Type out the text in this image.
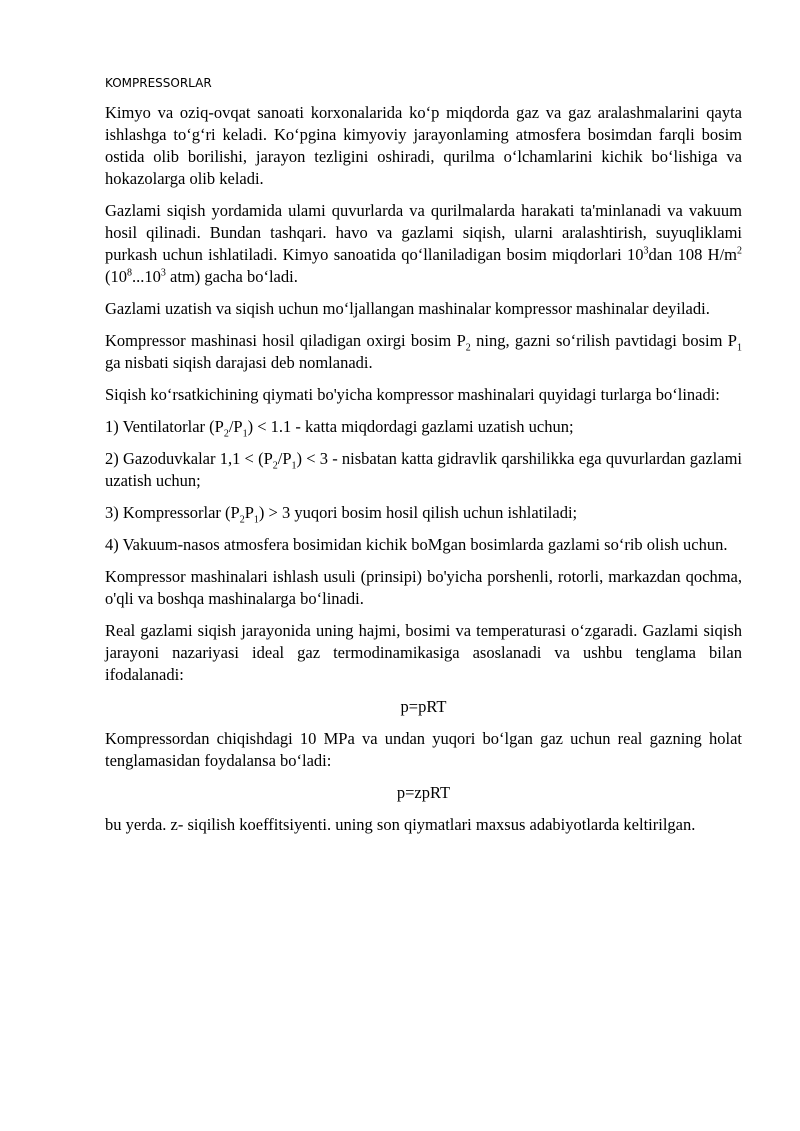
KOMPRESSORLAR

Kimyo va oziq-ovqat sanoati korxonalarida ko‘p miqdorda gaz va gaz aralashmalarini qayta ishlashga to‘g‘ri keladi. Ko‘pgina kimyoviy jarayonlaming atmosfera bosimdan farqli bosim ostida olib borilishi, jarayon tezligini oshiradi, qurilma o‘lchamlarini kichik bo‘lishiga va hokazolarga olib keladi.

Gazlami siqish yordamida ulami quvurlarda va qurilmalarda harakati ta'minlanadi va vakuum hosil qilinadi. Bundan tashqari. havo va gazlami siqish, ularni aralashtirish, suyuqliklami purkash uchun ishlatiladi. Kimyo sanoatida qo‘llaniladigan bosim miqdorlari $10^3dan$ 108 $H/m^2$ ($10^8...10^3$ atm) gacha bo‘ladi.

Gazlami uzatish va siqish uchun mo‘ljallangan mashinalar kompressor mashinalar deyiladi.

Kompressor mashinasi hosil qiladigan oxirgi bosim $P_2$ ning, gazni so‘rilish pavtidagi bosim $P_1$ ga nisbati siqish darajasi deb nomlanadi.

Siqish ko‘rsatkichining qiymati bo'yicha kompressor mashinalari quyidagi turlarga bo‘linadi:

1) Ventilatorlar $(P_2/P_1) < 1.1$ - katta miqdordagi gazlami uzatish uchun;

2) Gazoduvkalar $1,1 < (P_2/P_1) < 3$ - nisbatan katta gidravlik qarshilikka ega quvurlardan gazlami uzatish uchun;

3) Kompressorlar $(P_2P_1) > 3$ yuqori bosim hosil qilish uchun ishlatiladi;

4) Vakuum-nasos atmosfera bosimidan kichik boMgan bosimlarda gazlami so‘rib olish uchun.

Kompressor mashinalari ishlash usuli (prinsipi) bo'yicha porshenli, rotorli, markazdan qochma, o'qli va boshqa mashinalarga bo‘linadi.

Real gazlami siqish jarayonida uning hajmi, bosimi va temperaturasi o‘zgaradi. Gazlami siqish jarayoni nazariyasi ideal gaz termodinamikasiga asoslanadi va ushbu tenglama bilan ifodalanadi:

p=pRT

Kompressordan chiqishdagi 10 MPa va undan yuqori bo‘lgan gaz uchun real gazning holat tenglamasidan foydalansa bo‘ladi:

p=zpRT

bu yerda. z- siqilish koeffitsiyenti. uning son qiymatlari maxsus adabiyotlarda keltirilgan.
